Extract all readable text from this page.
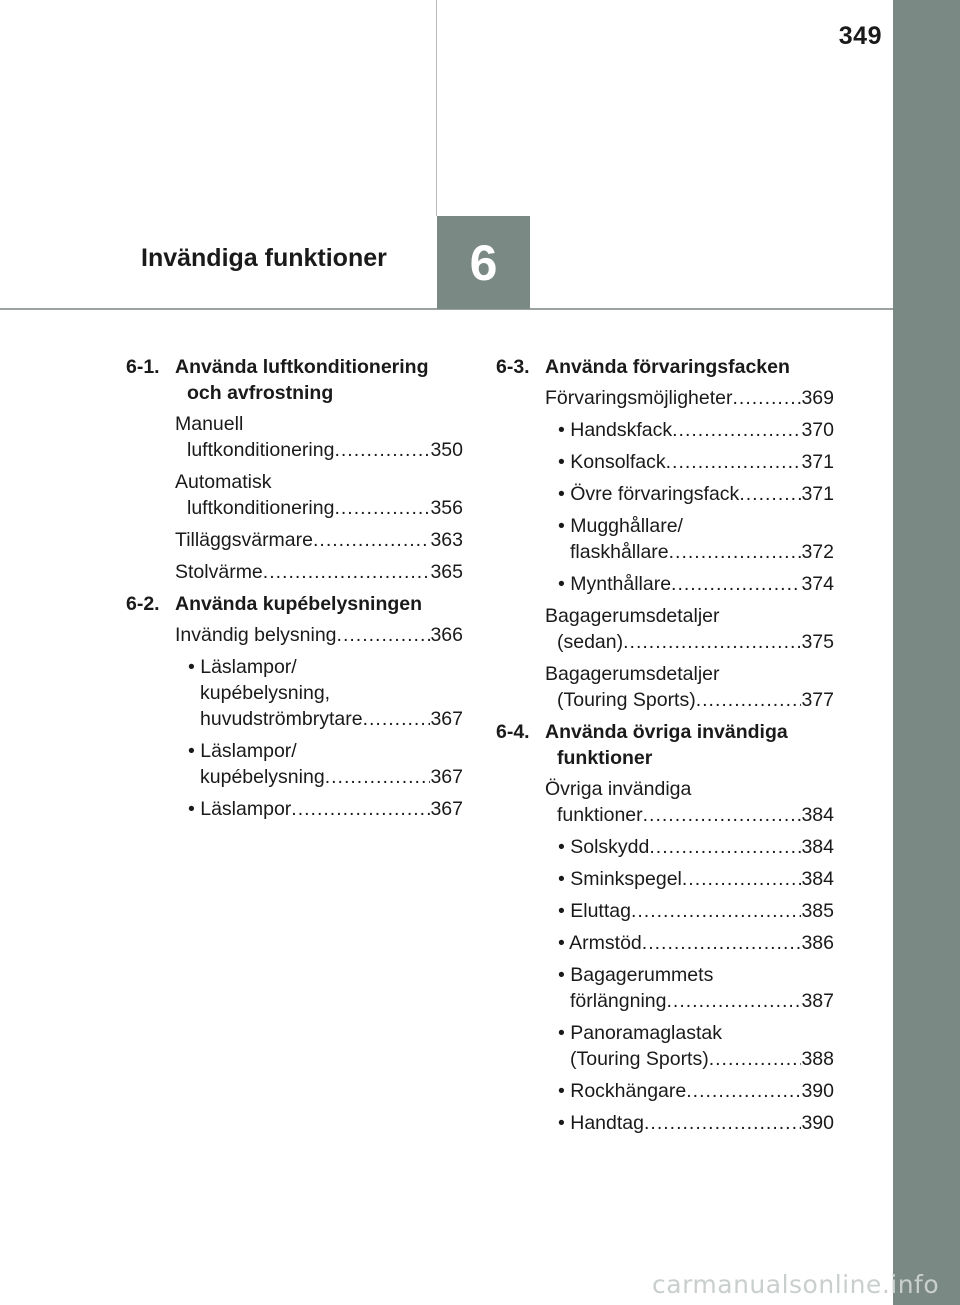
349
Invändiga funktioner 6
6-1. Använda luftkonditionering
och avfrostning
Manuell
luftkonditionering .....	350
Automatisk
luftkonditionering .....	356
Tilläggsvärmare .....	363
Stolvärme .....	365
6-2. Använda kupébelysningen
Invändig belysning .....	366
• Läslampor/
kupébelysning,
huvudströmbrytare .....	367
• Läslampor/
kupébelysning .....	367
• Läslampor .....	367
6-3. Använda förvaringsfacken
Förvaringsmöjligheter .....	369
• Handskfack .....	370
• Konsolfack .....	371
• Övre förvaringsfack .....	371
• Mugghållare/
flaskhållare .....	372
• Mynthållare .....	374
Bagagerumsdetaljer
(sedan) .....	375
Bagagerumsdetaljer
(Touring Sports) .....	377
6-4. Använda övriga invändiga
funktioner
Övriga invändiga
funktioner .....	384
• Solskydd .....	384
• Sminkspegel .....	384
• Eluttag .....	385
• Armstöd .....	386
• Bagagerummets
förlängning .....	387
• Panoramaglastak
(Touring Sports) .....	388
• Rockhängare .....	390
• Handtag .....	390
carmanualsonline.info
